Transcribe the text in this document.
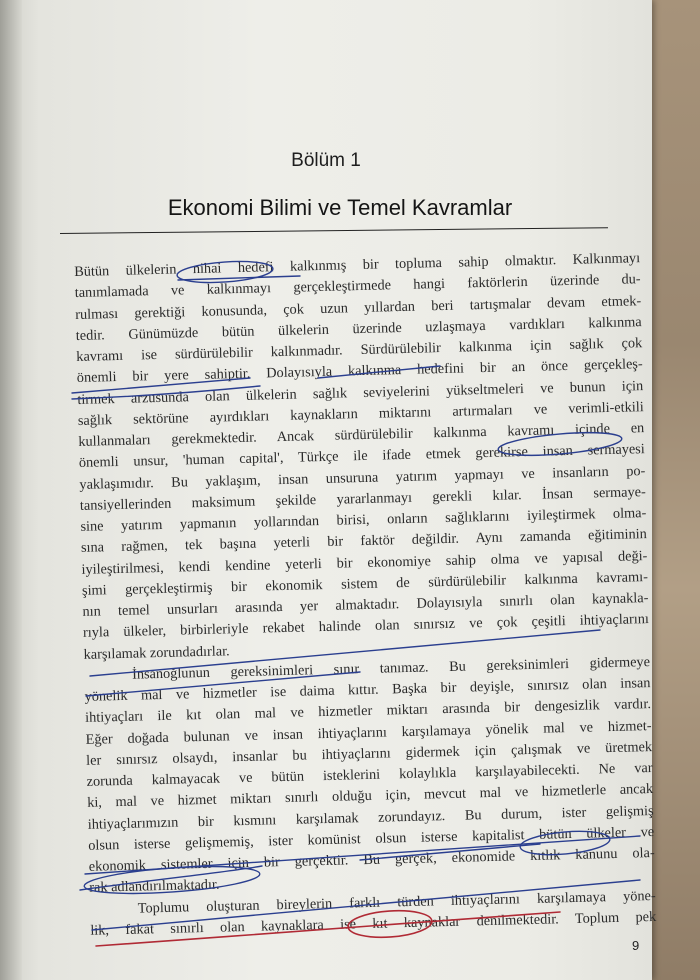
Bölüm 1
Ekonomi Bilimi ve Temel Kavramlar
Bütün ülkelerin nihai hedefi kalkınmış bir topluma sahip olmaktır. Kalkınmayı
tanımlamada ve kalkınmayı gerçekleştirmede hangi faktörlerin üzerinde du-
rulması gerektiği konusunda, çok uzun yıllardan beri tartışmalar devam etmek-
tedir. Günümüzde bütün ülkelerin üzerinde uzlaşmaya vardıkları kalkınma
kavramı ise sürdürülebilir kalkınmadır. Sürdürülebilir kalkınma için sağlık çok
önemli bir yere sahiptir. Dolayısıyla kalkınma hedefini bir an önce gerçekleş-
tirmek arzusunda olan ülkelerin sağlık seviyelerini yükseltmeleri ve bunun için
sağlık sektörüne ayırdıkları kaynakların miktarını artırmaları ve verimli-etkili
kullanmaları gerekmektedir. Ancak sürdürülebilir kalkınma kavramı içinde en
önemli unsur, 'human capital', Türkçe ile ifade etmek gerekirse insan sermayesi
yaklaşımıdır. Bu yaklaşım, insan unsuruna yatırım yapmayı ve insanların po-
tansiyellerinden maksimum şekilde yararlanmayı gerekli kılar. İnsan sermaye-
sine yatırım yapmanın yollarından birisi, onların sağlıklarını iyileştirmek olma-
sına rağmen, tek başına yeterli bir faktör değildir. Aynı zamanda eğitiminin
iyileştirilmesi, kendi kendine yeterli bir ekonomiye sahip olma ve yapısal deği-
şimi gerçekleştirmiş bir ekonomik sistem de sürdürülebilir kalkınma kavramı-
nın temel unsurları arasında yer almaktadır. Dolayısıyla sınırlı olan kaynakla-
rıyla ülkeler, birbirleriyle rekabet halinde olan sınırsız ve çok çeşitli ihtiyaçlarını
karşılamak zorundadırlar.
İnsanoğlunun gereksinimleri sınır tanımaz. Bu gereksinimleri gidermeye
yönelik mal ve hizmetler ise daima kıttır. Başka bir deyişle, sınırsız olan insan
ihtiyaçları ile kıt olan mal ve hizmetler miktarı arasında bir dengesizlik vardır.
Eğer doğada bulunan ve insan ihtiyaçlarını karşılamaya yönelik mal ve hizmet-
ler sınırsız olsaydı, insanlar bu ihtiyaçlarını gidermek için çalışmak ve üretmek
zorunda kalmayacak ve bütün isteklerini kolaylıkla karşılayabilecekti. Ne var
ki, mal ve hizmet miktarı sınırlı olduğu için, mevcut mal ve hizmetlerle ancak
ihtiyaçlarımızın bir kısmını karşılamak zorundayız. Bu durum, ister gelişmiş
olsun isterse gelişmemiş, ister komünist olsun isterse kapitalist bütün ülkeler ve
ekonomik sistemler için bir gerçektir. Bu gerçek, ekonomide kıtlık kanunu ola-
rak adlandırılmaktadır.
Toplumu oluşturan bireylerin farklı türden ihtiyaçlarını karşılamaya yöne-
lik, fakat sınırlı olan kaynaklara ise kıt kaynaklar denilmektedir. Toplum pek
9
